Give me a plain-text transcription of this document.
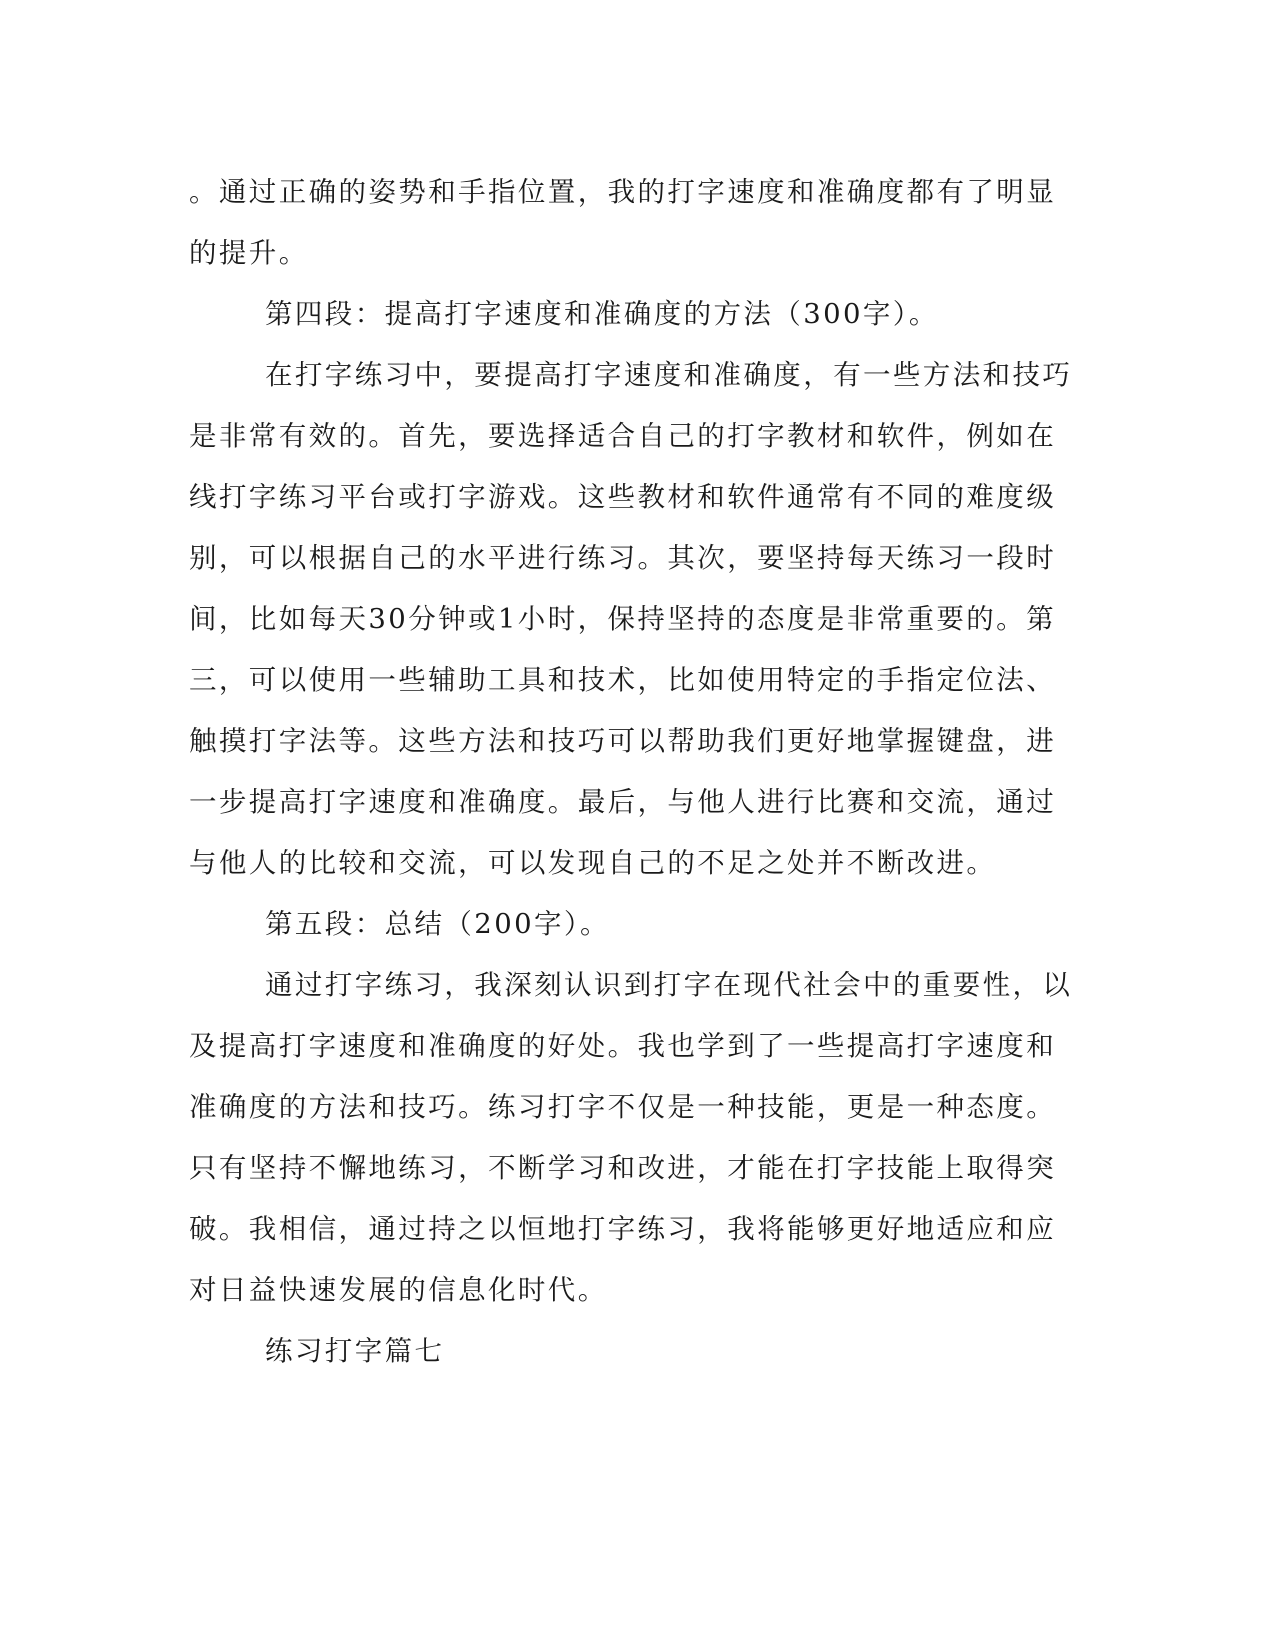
。通过正确的姿势和手指位置，我的打字速度和准确度都有了明显的提升。

第四段：提高打字速度和准确度的方法（300字）。

在打字练习中，要提高打字速度和准确度，有一些方法和技巧是非常有效的。首先，要选择适合自己的打字教材和软件，例如在线打字练习平台或打字游戏。这些教材和软件通常有不同的难度级别，可以根据自己的水平进行练习。其次，要坚持每天练习一段时间，比如每天30分钟或1小时，保持坚持的态度是非常重要的。第三，可以使用一些辅助工具和技术，比如使用特定的手指定位法、触摸打字法等。这些方法和技巧可以帮助我们更好地掌握键盘，进一步提高打字速度和准确度。最后，与他人进行比赛和交流，通过与他人的比较和交流，可以发现自己的不足之处并不断改进。

第五段：总结（200字）。

通过打字练习，我深刻认识到打字在现代社会中的重要性，以及提高打字速度和准确度的好处。我也学到了一些提高打字速度和准确度的方法和技巧。练习打字不仅是一种技能，更是一种态度。只有坚持不懈地练习，不断学习和改进，才能在打字技能上取得突破。我相信，通过持之以恒地打字练习，我将能够更好地适应和应对日益快速发展的信息化时代。

练习打字篇七
